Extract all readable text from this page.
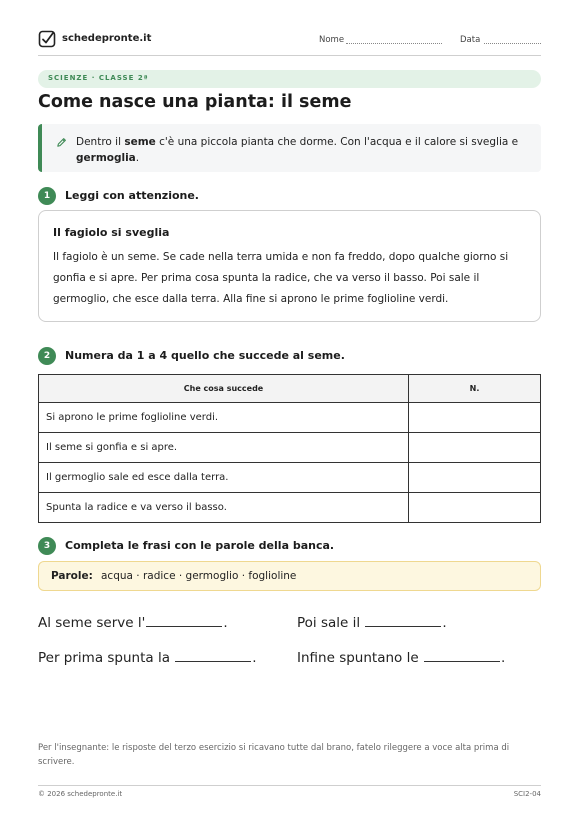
schedepronte.it	Nome	Data
SCIENZE · CLASSE 2ª
Come nasce una pianta: il seme
Dentro il seme c'è una piccola pianta che dorme. Con l'acqua e il calore si sveglia e germoglia.
1	Leggi con attenzione.
Il fagiolo si sveglia
Il fagiolo è un seme. Se cade nella terra umida e non fa freddo, dopo qualche giorno si gonfia e si apre. Per prima cosa spunta la radice, che va verso il basso. Poi sale il germoglio, che esce dalla terra. Alla fine si aprono le prime foglioline verdi.
2	Numera da 1 a 4 quello che succede al seme.
Che cosa succede	N.
Si aprono le prime foglioline verdi.	
Il seme si gonfia e si apre.	
Il germoglio sale ed esce dalla terra.	
Spunta la radice e va verso il basso.	
3	Completa le frasi con le parole della banca.
Parole: acqua · radice · germoglio · foglioline
Al seme serve l'	.	Poi sale il	.
Per prima spunta la	.	Infine spuntano le	.
Per l'insegnante: le risposte del terzo esercizio si ricavano tutte dal brano, fatelo rileggere a voce alta prima di scrivere.
© 2026 schedepronte.it	SCI2-04
